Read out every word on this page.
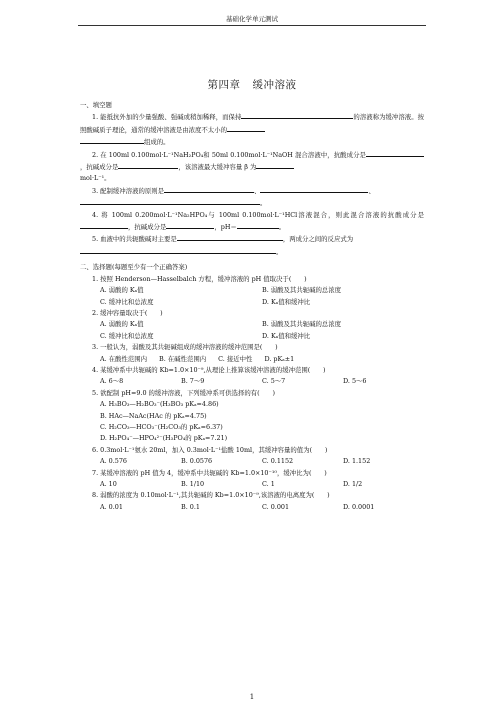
基础化学单元测试
第四章 缓冲溶液
一、填空题

1. 能抵抗外加的少量强酸、强碱或稍加稀释，而保持	的溶液称为缓冲溶液。按照酸碱质子理论，通常的缓冲溶液是由浓度不太小的
组成的。

2. 在 100ml 0.100mol·L⁻¹NaH₂PO₄和 50ml 0.100mol·L⁻¹NaOH 混合溶液中，抗酸成分是，抗碱成分是	，该溶液最大缓冲容量 β 为
mol·L⁻¹。

3. 配制缓冲溶液的原则是	、	、
。

4. 将 100ml 0.200mol·L⁻¹Na₂HPO₄与 100ml 0.100mol·L⁻¹HCl溶液混合，则此混合溶液的抗酸成分是，抗碱成分是	，pH＝	。

5. 血液中的共轭酸碱对主要是	，两成分之间的反应式为
。

二、选择题(每题至少有一个正确答案)
1. 按照 Henderson—Hasselbalch 方程，缓冲溶液的 pH 值取决于(　　)
A. 弱酸的 Kₐ值	B. 弱酸及其共轭碱的总浓度
C. 缓冲比和总浓度	D. Kₐ值和缓冲比
2. 缓冲容量取决于(　　)
A. 弱酸的 Kₐ值	B. 弱酸及其共轭碱的总浓度
C. 缓冲比和总浓度	D. Kₐ值和缓冲比
3. 一般认为，弱酸及其共轭碱组成的缓冲溶液的缓冲范围是(　　)
A. 在酸性范围内 B. 在碱性范围内 C. 接近中性 D. pKₐ±1
4. 某缓冲系中共轭碱的 Kb=1.0×10⁻⁹,从理论上推算该缓冲溶液的缓冲范围(　　)
A. 6～8	B. 7～9	C. 5～7	D. 5～6
5. 欲配制 pH=9.0 的缓冲溶液，下列缓冲系可供选择的有(　　)
A. H₃BO₃—H₂BO₃⁻(H₃BO₃ pKₐ=4.86)
B. HAc—NaAc(HAc 的 pKₐ=4.75)
C. H₂CO₃—HCO₃⁻(H₂CO₃的 pKₐ=6.37)
D. H₂PO₄⁻—HPO₄²⁻(H₃PO₄的 pKₐ=7.21)
6. 0.3mol·L⁻¹氨水 20ml，加入 0.3mol·L⁻¹盐酸 10ml，其缓冲容量的值为(　　)
A. 0.576	B. 0.0576	C. 0.1152	D. 1.152
7. 某缓冲溶液的 pH 值为 4，缓冲系中共轭碱的 Kb=1.0×10⁻¹⁰，缓冲比为(　　)
A. 10	B. 1/10	C. 1	D. 1/2
8. 弱酸的浓度为 0.10mol·L⁻¹,其共轭碱的 Kb=1.0×10⁻⁹,该溶液的电离度为(　　)
A. 0.01	B. 0.1	C. 0.001	D. 0.0001
1
